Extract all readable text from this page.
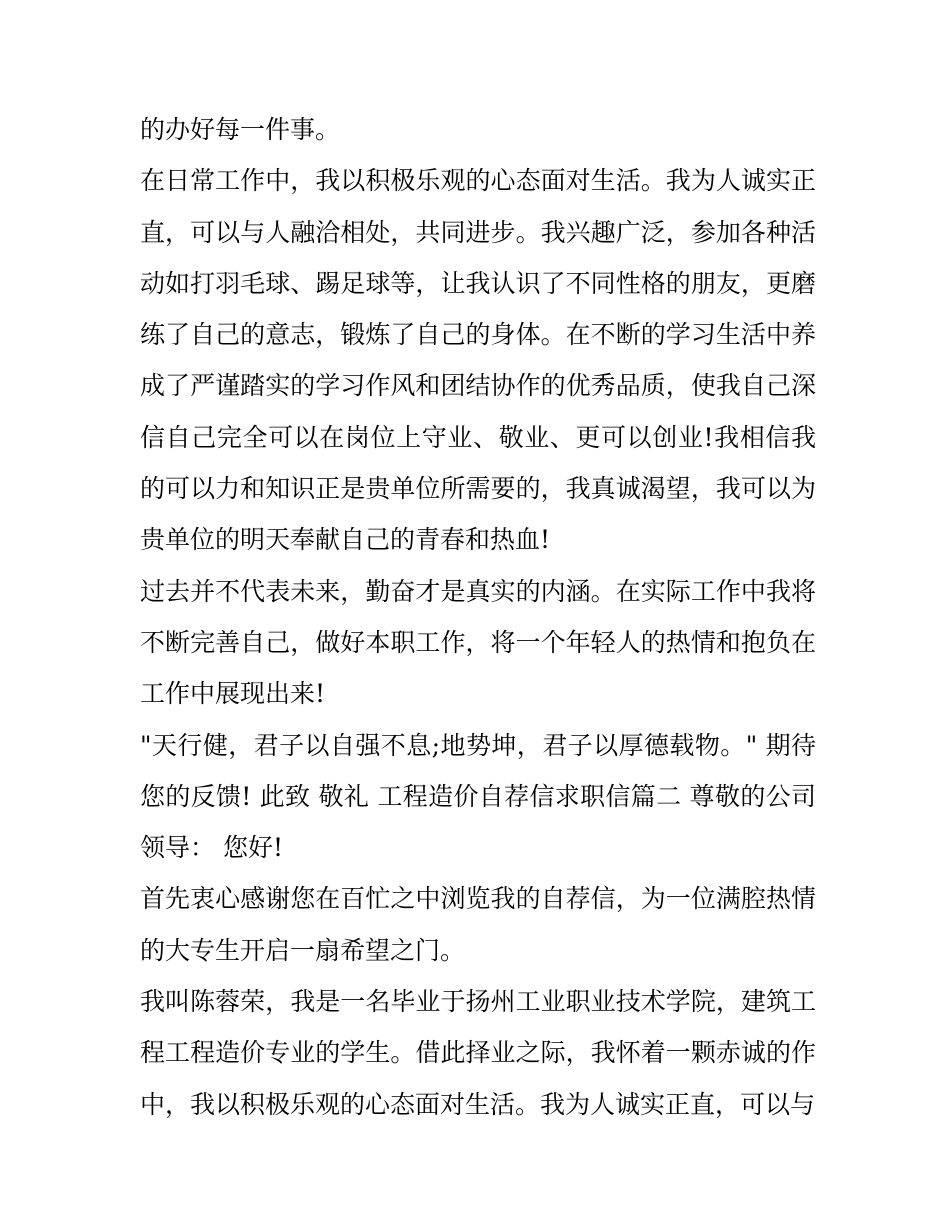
的办好每一件事。

在日常工作中，我以积极乐观的心态面对生活。我为人诚实正直，可以与人融洽相处，共同进步。我兴趣广泛，参加各种活动如打羽毛球、踢足球等，让我认识了不同性格的朋友，更磨练了自己的意志，锻炼了自己的身体。在不断的学习生活中养成了严谨踏实的学习作风和团结协作的优秀品质，使我自己深信自己完全可以在岗位上守业、敬业、更可以创业!我相信我的可以力和知识正是贵单位所需要的，我真诚渴望，我可以为贵单位的明天奉献自己的青春和热血!

过去并不代表未来，勤奋才是真实的内涵。在实际工作中我将不断完善自己，做好本职工作，将一个年轻人的热情和抱负在工作中展现出来!

"天行健，君子以自强不息;地势坤，君子以厚德载物。" 期待您的反馈! 此致 敬礼 工程造价自荐信求职信篇二 尊敬的公司领导： 您好!

首先衷心感谢您在百忙之中浏览我的自荐信，为一位满腔热情的大专生开启一扇希望之门。

我叫陈蓉荣，我是一名毕业于扬州工业职业技术学院，建筑工程工程造价专业的学生。借此择业之际，我怀着一颗赤诚的作中，我以积极乐观的心态面对生活。我为人诚实正直，可以与
